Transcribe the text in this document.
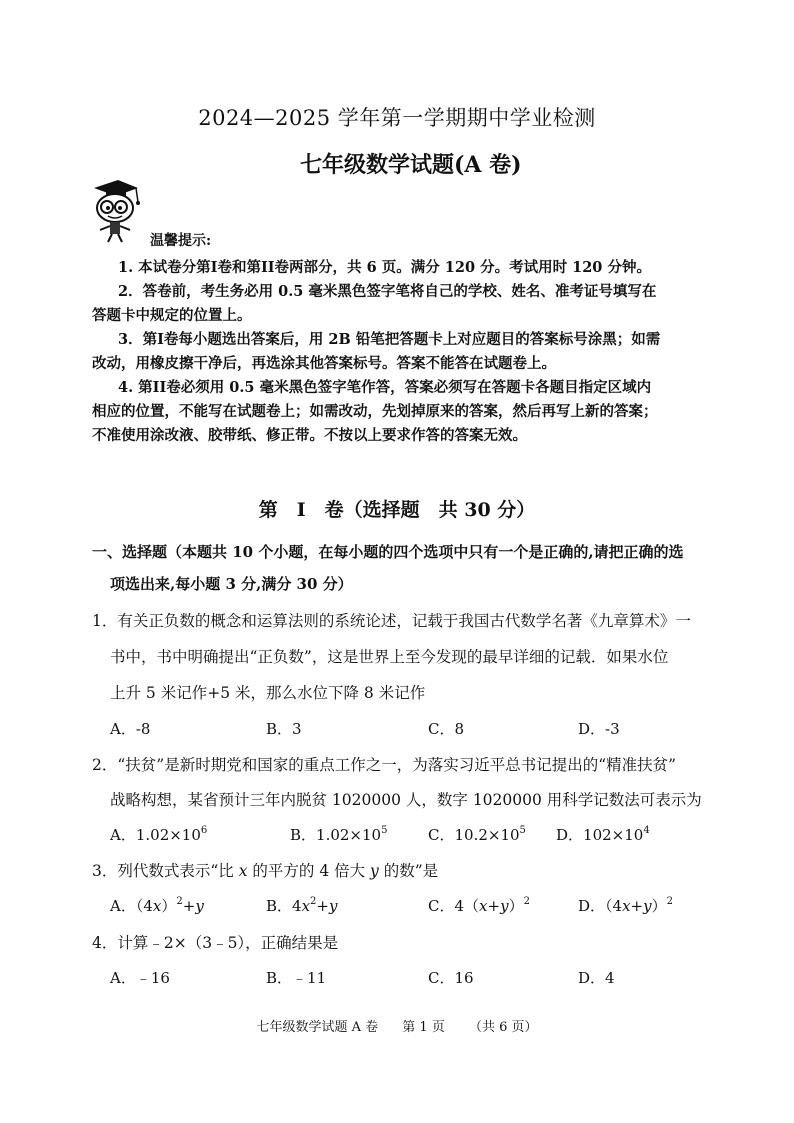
2024—2025 学年第一学期期中学业检测
七年级数学试题(A 卷)
温馨提示:
1. 本试卷分第I卷和第II卷两部分，共 6 页。满分 120 分。考试用时 120 分钟。
2．答卷前，考生务必用 0.5 毫米黑色签字笔将自己的学校、姓名、准考证号填写在
答题卡中规定的位置上。
3．第I卷每小题选出答案后，用 2B 铅笔把答题卡上对应题目的答案标号涂黑；如需
改动，用橡皮擦干净后，再选涂其他答案标号。答案不能答在试题卷上。
4. 第II卷必须用 0.5 毫米黑色签字笔作答，答案必须写在答题卡各题目指定区域内
相应的位置，不能写在试题卷上；如需改动，先划掉原来的答案，然后再写上新的答案；
不准使用涂改液、胶带纸、修正带。不按以上要求作答的答案无效。
第　I　卷（选择题　共 30 分）
一、选择题（本题共 10 个小题，在每小题的四个选项中只有一个是正确的,请把正确的选
项选出来,每小题 3 分,满分 30 分）
1．有关正负数的概念和运算法则的系统论述，记载于我国古代数学名著《九章算术》一
书中，书中明确提出“正负数”，这是世界上至今发现的最早详细的记载．如果水位
上升 5 米记作+5 米，那么水位下降 8 米记作
A．-8	B．3	C．8	D．-3
2．“扶贫”是新时期党和国家的重点工作之一，为落实习近平总书记提出的“精准扶贫”
战略构想，某省预计三年内脱贫 1020000 人，数字 1020000 用科学记数法可表示为
A．$1.02\times 10^6$	B．$1.02\times 10^5$	C．$10.2\times 10^5$ D．$102\times 10^4$
3．列代数式表示“比 x 的平方的 4 倍大 y 的数”是
A．$(4x)^2+y$	B．$4x^2+y$	C．$4(x+y)^2$	D．$(4x+y)^2$
4．计算﹣2×（3﹣5），正确结果是
A．﹣16	B．﹣11	C．16	D．4
七年级数学试题 A 卷 第 1 页 （共 6 页）
